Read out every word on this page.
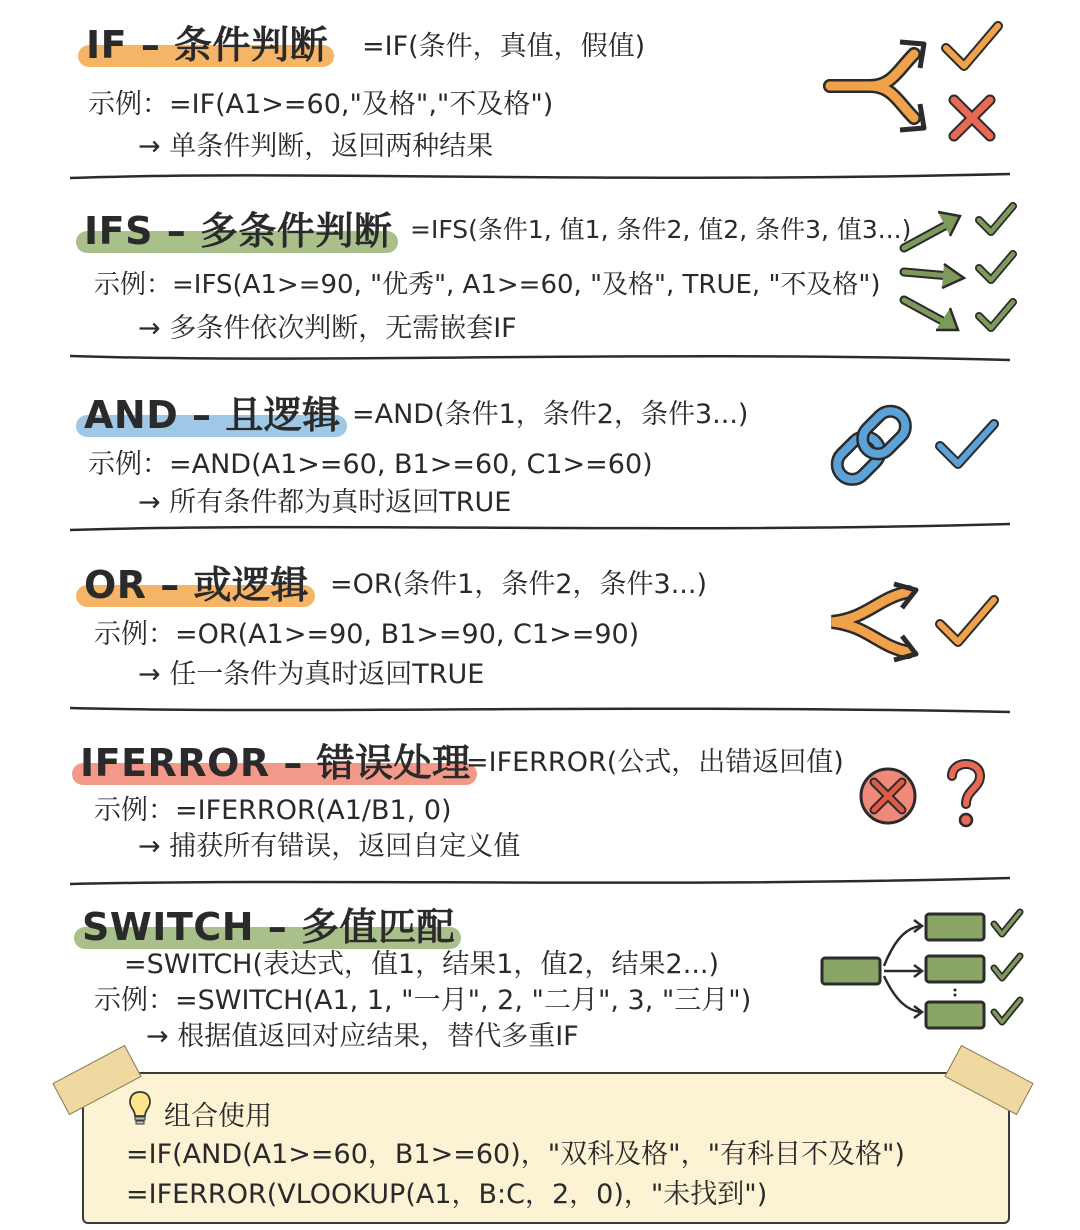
IF – 条件判断 =IF(条件，真值，假值)
示例：=IF(A1>=60,"及格","不及格")
→ 单条件判断，返回两种结果
IFS – 多条件判断 =IFS(条件1, 值1, 条件2, 值2, 条件3, 值3...)
示例：=IFS(A1>=90, "优秀", A1>=60, "及格", TRUE, "不及格")
→ 多条件依次判断，无需嵌套IF
AND – 且逻辑 =AND(条件1，条件2，条件3...)
示例：=AND(A1>=60, B1>=60, C1>=60)
→ 所有条件都为真时返回TRUE
OR – 或逻辑 =OR(条件1，条件2，条件3...)
示例：=OR(A1>=90, B1>=90, C1>=90)
→ 任一条件为真时返回TRUE
IFERROR – 错误处理
=IFERROR(公式，出错返回值)
示例：=IFERROR(A1/B1, 0)
→ 捕获所有错误，返回自定义值
SWITCH – 多值匹配
=SWITCH(表达式，值1，结果1，值2，结果2...)
示例：=SWITCH(A1, 1, "一月", 2, "二月", 3, "三月")
→ 根据值返回对应结果，替代多重IF
组合使用
=IF(AND(A1>=60，B1>=60)，"双科及格"，"有科目不及格")
=IFERROR(VLOOKUP(A1，B:C，2，0)，"未找到")
